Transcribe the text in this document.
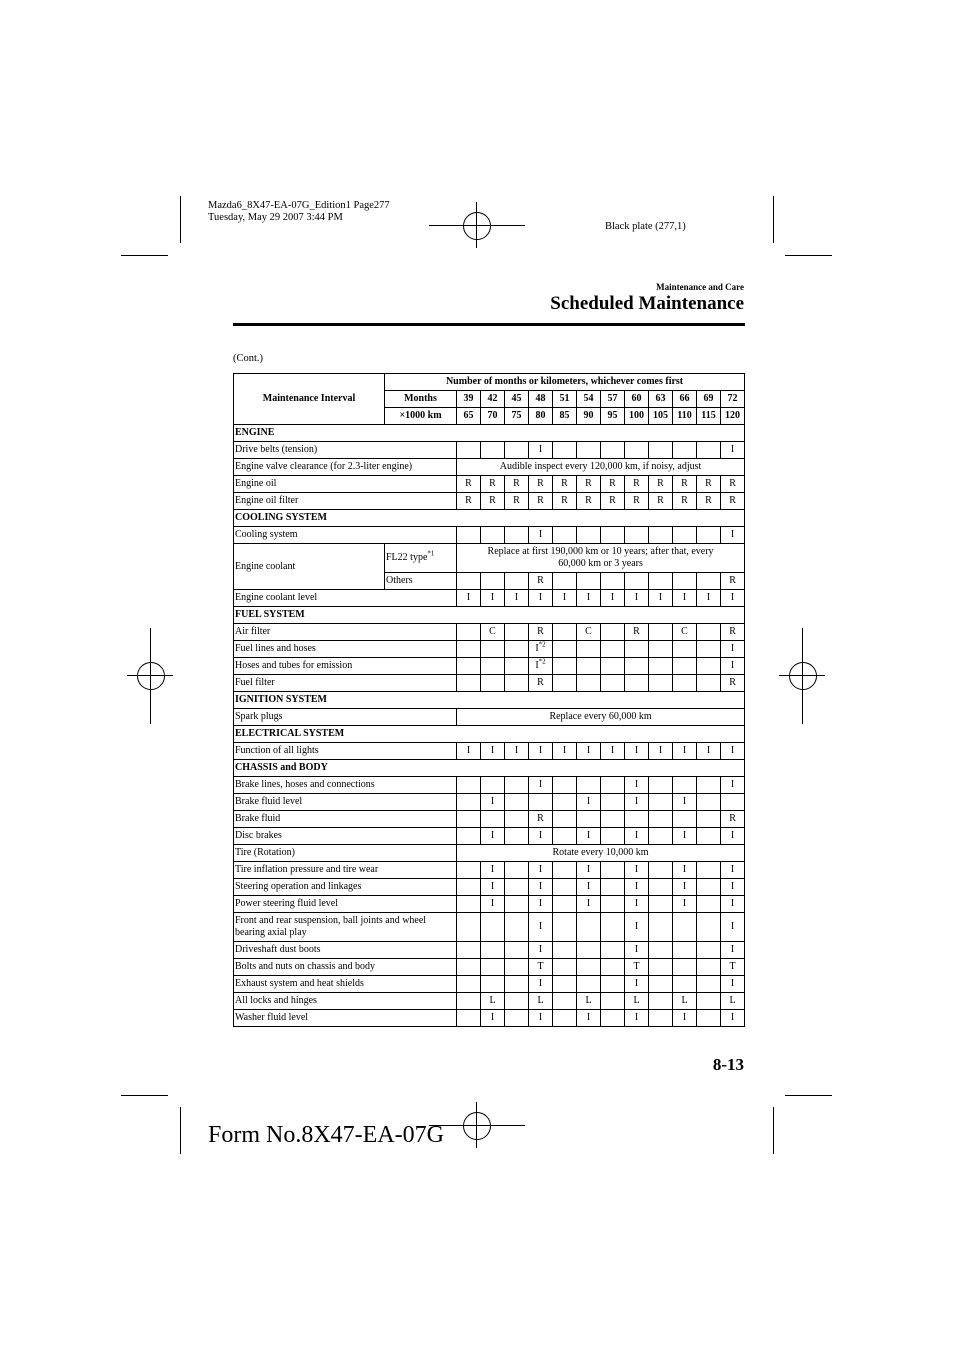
Mazda6_8X47-EA-07G_Edition1 Page277
Tuesday, May 29 2007 3:44 PM
Black plate (277,1)
Maintenance and Care
Scheduled Maintenance
(Cont.)
Maintenance Interval	Number of months or kilometers, whichever comes first												
	Months	39	42	45	48	51	54	57	60	63	66	69	72
	×1000 km	65	70	75	80	85	90	95	100	105	110	115	120
ENGINE													
Drive belts (tension)					I								I
Engine valve clearance (for 2.3-liter engine)		Audible inspect every 120,000 km, if noisy, adjust											
Engine oil		R	R	R	R	R	R	R	R	R	R	R	R
Engine oil filter		R	R	R	R	R	R	R	R	R	R	R	R
COOLING SYSTEM													
Cooling system					I								I
Engine coolant	FL22 type$^{*1}$	Replace at first 190,000 km or 10 years; after that, every
60,000 km or 3 years											

	Others				R								R
Engine coolant level		I	I	I	I	I	I	I	I	I	I	I	I
FUEL SYSTEM													
Air filter			C		R		C		R		C		R
Fuel lines and hoses					$I^{*2}$								I
Hoses and tubes for emission					$I^{*2}$								I
Fuel filter					R								R
IGNITION SYSTEM													
Spark plugs		Replace every 60,000 km											
ELECTRICAL SYSTEM													
Function of all lights		I	I	I	I	I	I	I	I	I	I	I	I
CHASSIS and BODY													
Brake lines, hoses and connections					I				I				I
Brake fluid level			I				I		I		I		
Brake fluid					R								R
Disc brakes			I		I		I		I		I		I
Tire (Rotation)		Rotate every 10,000 km											
Tire inflation pressure and tire wear			I		I		I		I		I		I
Steering operation and linkages			I		I		I		I		I		I
Power steering fluid level			I		I		I		I		I		I

Front and rear suspension, ball joints and wheel
bearing axial play					I				I				I
Driveshaft dust boots					I				I				I
Bolts and nuts on chassis and body					T				T				T
Exhaust system and heat shields					I				I				I
All locks and hinges			L		L		L		L		L		L
Washer fluid level			I		I		I		I		I		I
8-13
Form No.8X47-EA-07G
